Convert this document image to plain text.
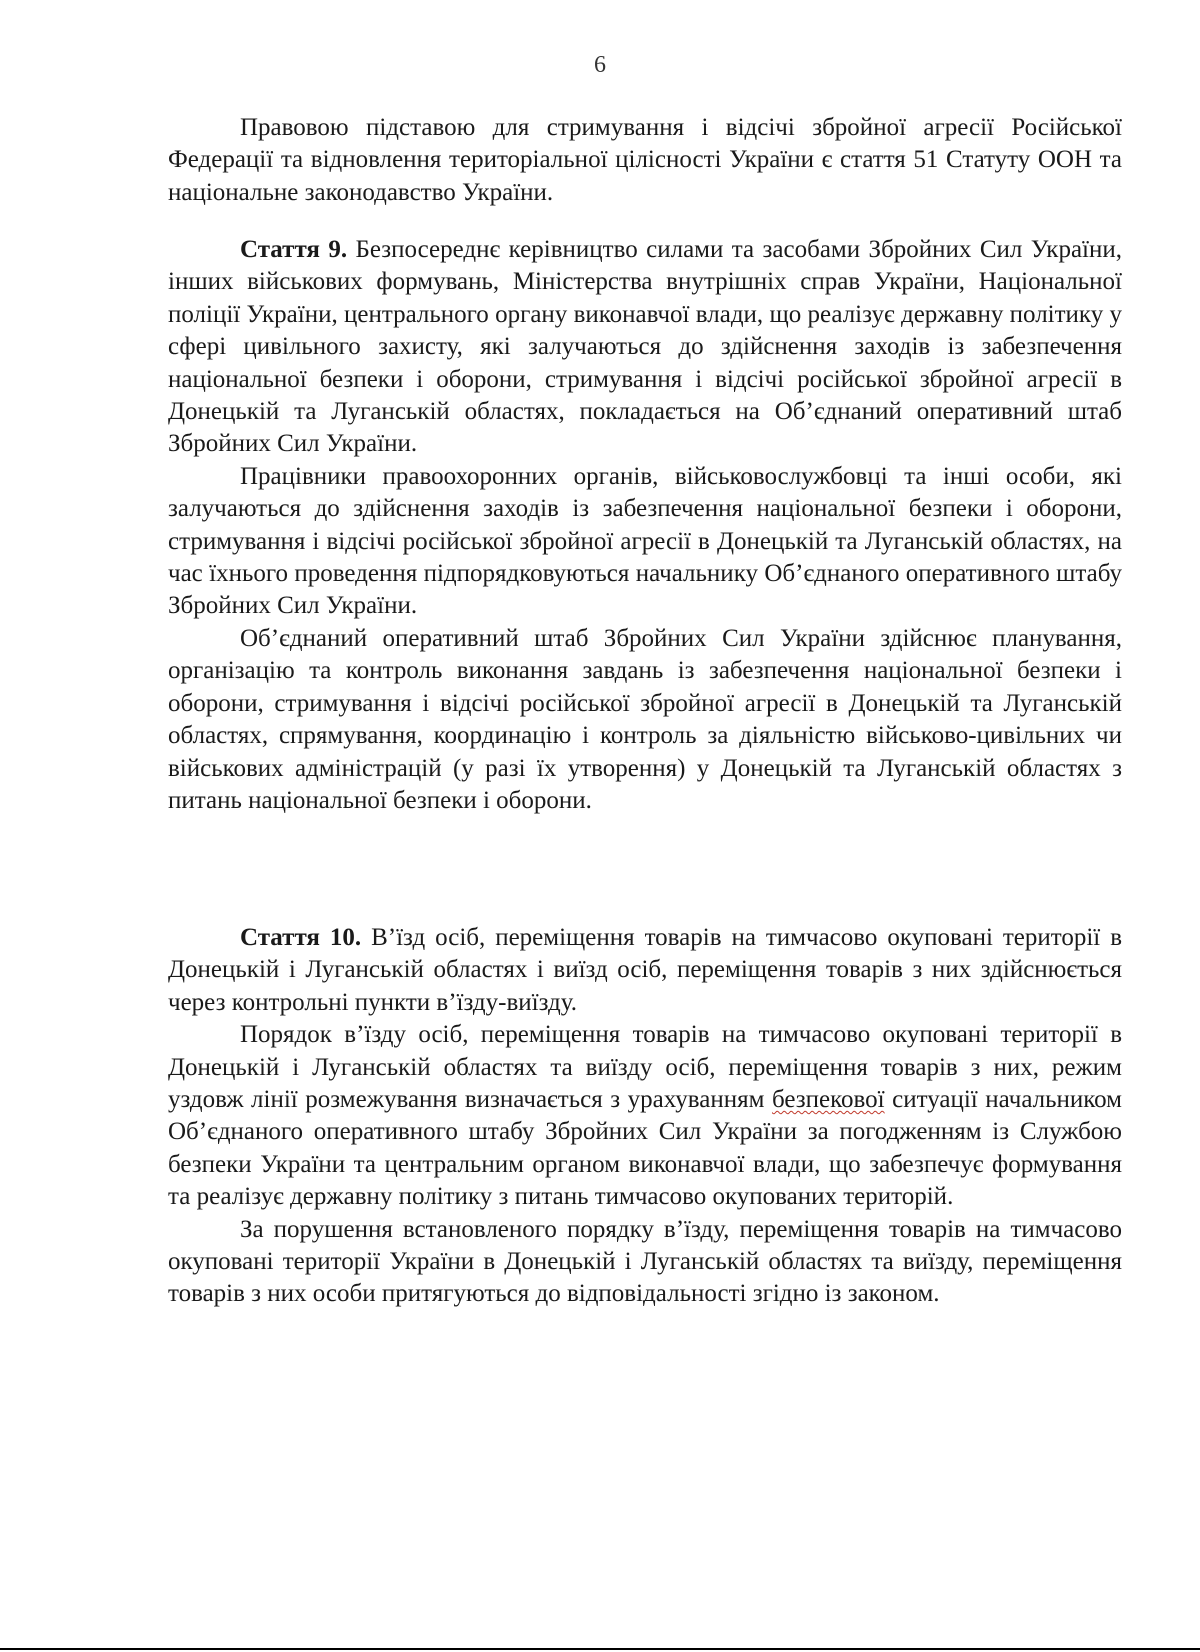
6

Правовою підставою для стримування і відсічі збройної агресії Російської Федерації та відновлення територіальної цілісності України є стаття 51 Статуту ООН та національне законодавство України.

Стаття 9. Безпосереднє керівництво силами та засобами Збройних Сил України, інших військових формувань, Міністерства внутрішніх справ України, Національної поліції України, центрального органу виконавчої влади, що реалізує державну політику у сфері цивільного захисту, які залучаються до здійснення заходів із забезпечення національної безпеки і оборони, стримування і відсічі російської збройної агресії в Донецькій та Луганській областях, покладається на Об’єднаний оперативний штаб Збройних Сил України.

Працівники правоохоронних органів, військовослужбовці та інші особи, які залучаються до здійснення заходів із забезпечення національної безпеки і оборони, стримування і відсічі російської збройної агресії в Донецькій та Луганській областях, на час їхнього проведення підпорядковуються начальнику Об’єднаного оперативного штабу Збройних Сил України.

Об’єднаний оперативний штаб Збройних Сил України здійснює планування, організацію та контроль виконання завдань із забезпечення національної безпеки і оборони, стримування і відсічі російської збройної агресії в Донецькій та Луганській областях, спрямування, координацію і контроль за діяльністю військово-цивільних чи військових адміністрацій (у разі їх утворення) у Донецькій та Луганській областях з питань національної безпеки і оборони.

Стаття 10. В’їзд осіб, переміщення товарів на тимчасово окуповані території в Донецькій і Луганській областях і виїзд осіб, переміщення товарів з них здійснюється через контрольні пункти в’їзду-виїзду.

Порядок в’їзду осіб, переміщення товарів на тимчасово окуповані території в Донецькій і Луганській областях та виїзду осіб, переміщення товарів з них, режим уздовж лінії розмежування визначається з урахуванням безпекової ситуації начальником Об’єднаного оперативного штабу Збройних Сил України за погодженням із Службою безпеки України та центральним органом виконавчої влади, що забезпечує формування та реалізує державну політику з питань тимчасово окупованих територій.

За порушення встановленого порядку в’їзду, переміщення товарів на тимчасово окуповані території України в Донецькій і Луганській областях та виїзду, переміщення товарів з них особи притягуються до відповідальності згідно із законом.
